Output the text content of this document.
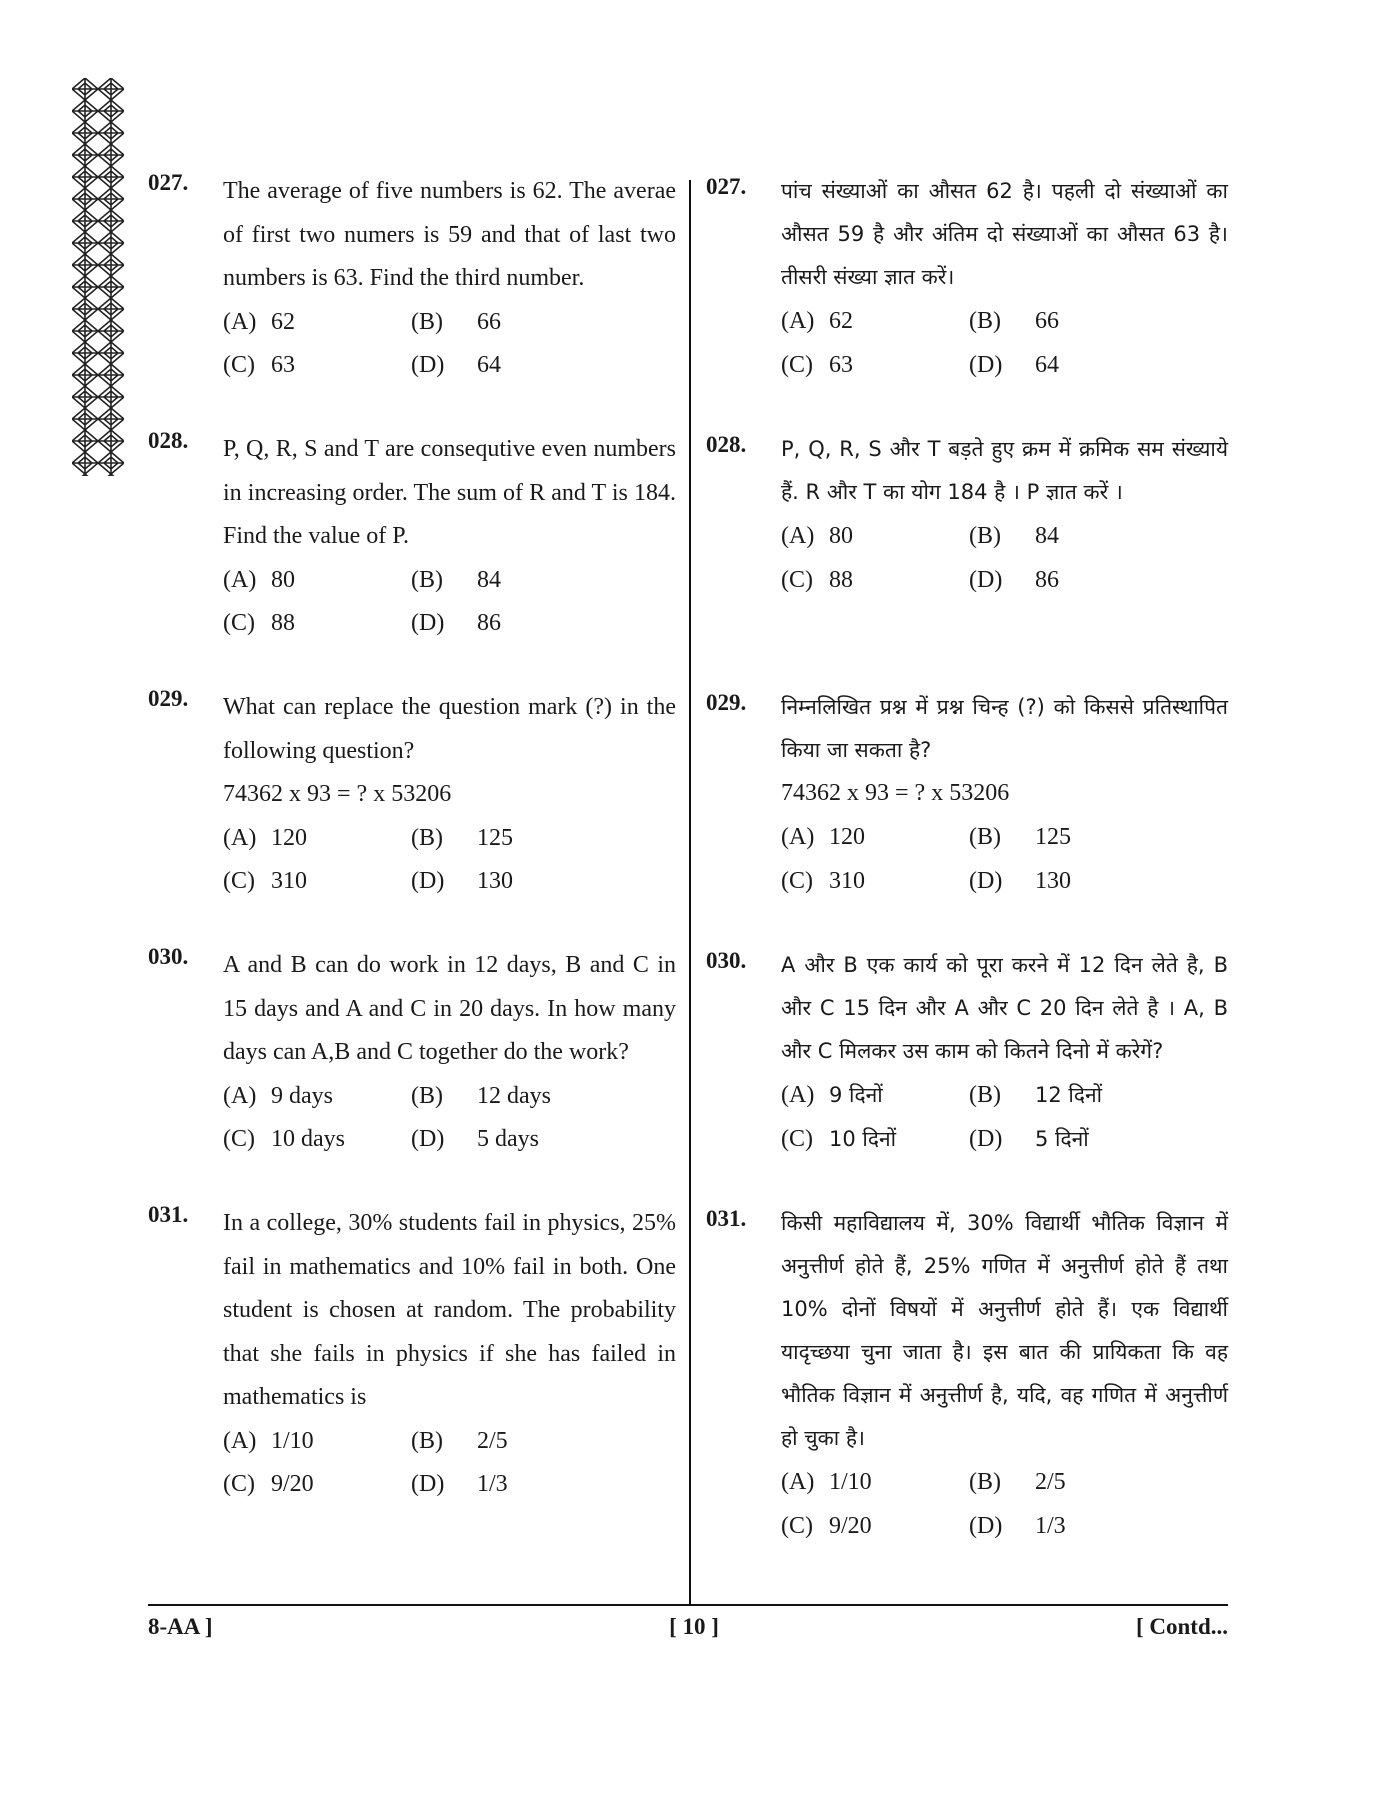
027. The average of five numbers is 62. The averae of first two numers is 59 and that of last two numbers is 63. Find the third number.
(A) 62	(B) 66
(C) 63	(D) 64
028. P, Q, R, S and T are consequtive even numbers in increasing order. The sum of R and T is 184. Find the value of P.
(A) 80	(B) 84
(C) 88	(D) 86
029. What can replace the question mark (?) in the following question?
74362 x 93 = ? x 53206
(A) 120	(B) 125
(C) 310	(D) 130
030. A and B can do work in 12 days, B and C in 15 days and A and C in 20 days. In how many days can A,B and C together do the work?
(A) 9 days	(B) 12 days
(C) 10 days	(D) 5 days
031. In a college, 30% students fail in physics, 25% fail in mathematics and 10% fail in both. One student is chosen at random. The probability that she fails in physics if she has failed in mathematics is
(A) 1/10	(B) 2/5
(C) 9/20	(D) 1/3
027. पांच संख्याओं का औसत 62 है। पहली दो संख्याओं का औसत 59 है और अंतिम दो संख्याओं का औसत 63 है। तीसरी संख्या ज्ञात करें।
(A) 62	(B) 66
(C) 63	(D) 64
028. P, Q, R, S और T बड़ते हुए क्रम में क्रमिक सम संख्याये हैं. R और T का योग 184 है । P ज्ञात करें ।
(A) 80	(B) 84
(C) 88	(D) 86
029. निम्नलिखित प्रश्न में प्रश्न चिन्ह (?) को किससे प्रतिस्थापित किया जा सकता है?
74362 x 93 = ? x 53206
(A) 120	(B) 125
(C) 310	(D) 130
030. A और B एक कार्य को पूरा करने में 12 दिन लेते है, B और C 15 दिन और A और C 20 दिन लेते है । A, B और C मिलकर उस काम को कितने दिनो में करेगें?
(A) 9 दिनों	(B) 12 दिनों
(C) 10 दिनों	(D) 5 दिनों
031. किसी महाविद्यालय में, 30% विद्यार्थी भौतिक विज्ञान में अनुत्तीर्ण होते हैं, 25% गणित में अनुत्तीर्ण होते हैं तथा 10% दोनों विषयों में अनुत्तीर्ण होते हैं। एक विद्यार्थी यादृच्छया चुना जाता है। इस बात की प्रायिकता कि वह भौतिक विज्ञान में अनुत्तीर्ण है, यदि, वह गणित में अनुत्तीर्ण हो चुका है।
(A) 1/10	(B) 2/5
(C) 9/20	(D) 1/3
8-AA ]	[ 10 ]	[ Contd...
